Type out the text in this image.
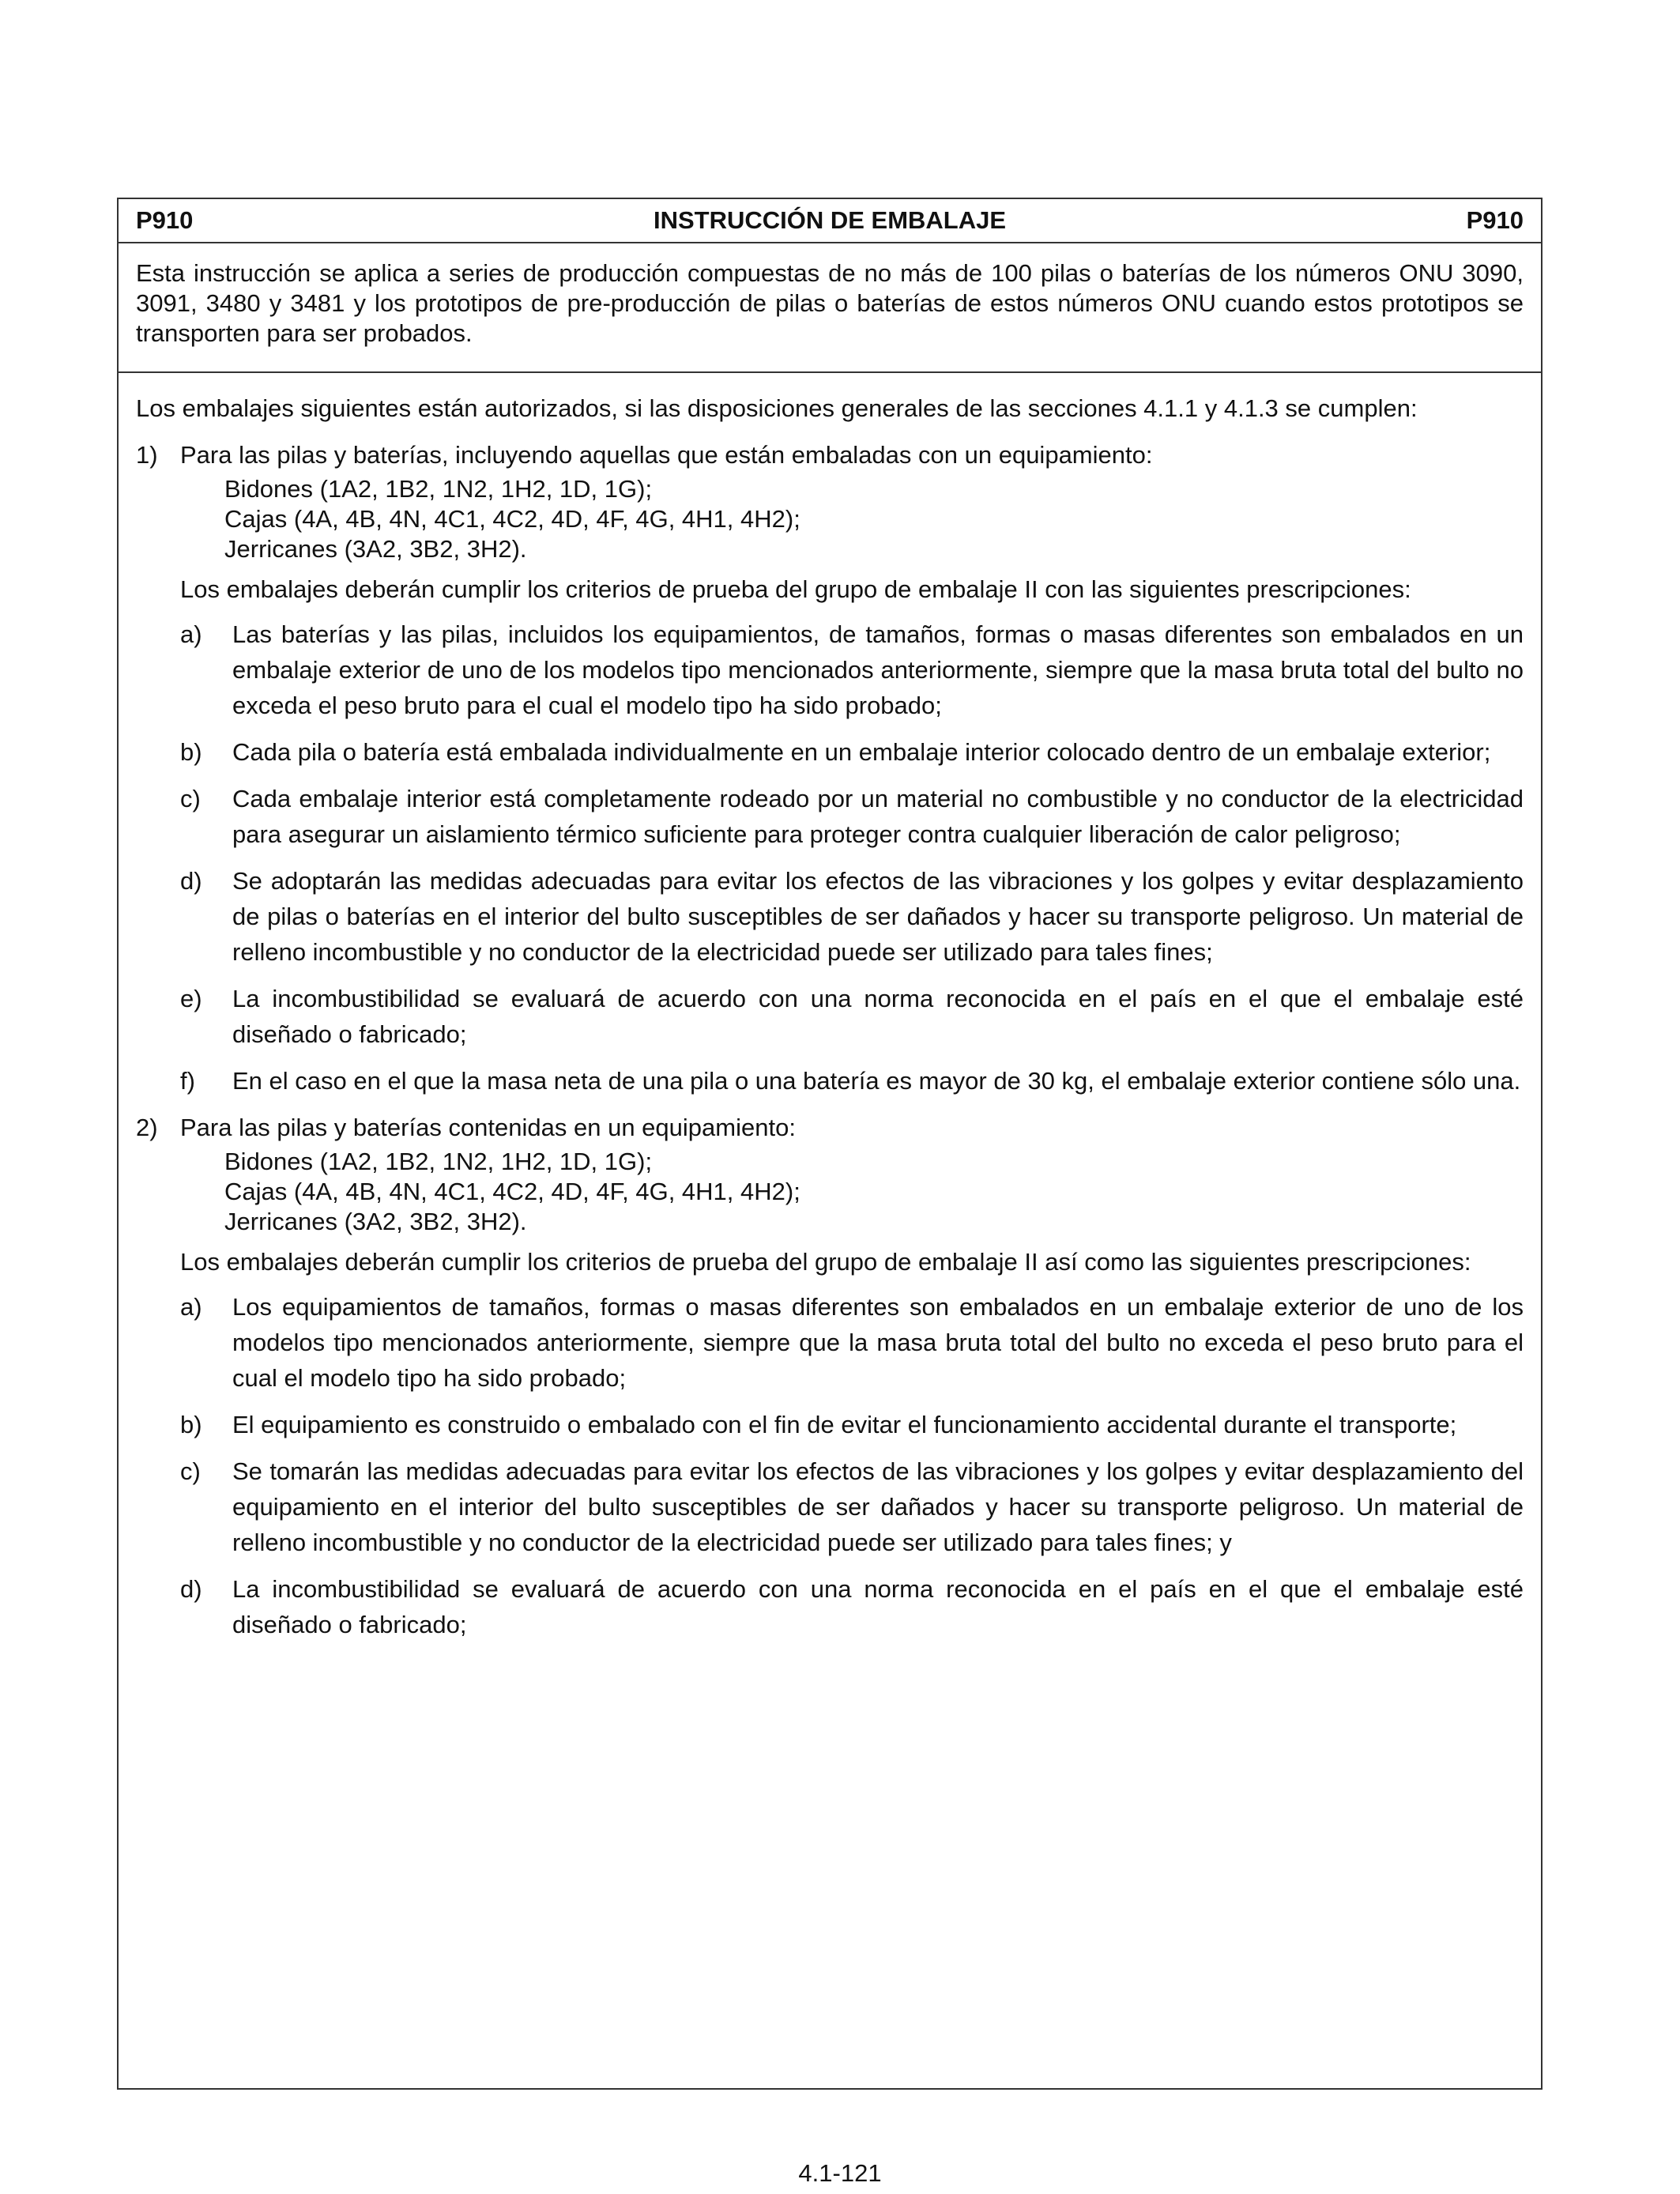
P910	INSTRUCCIÓN DE EMBALAJE	P910
Esta instrucción se aplica a series de producción compuestas de no más de 100 pilas o baterías de los números ONU 3090, 3091, 3480 y 3481 y los prototipos de pre-producción de pilas o baterías de estos números ONU cuando estos prototipos se transporten para ser probados.

Los embalajes siguientes están autorizados, si las disposiciones generales de las secciones 4.1.1 y 4.1.3 se cumplen:

1) Para las pilas y baterías, incluyendo aquellas que están embaladas con un equipamiento:

Bidones (1A2, 1B2, 1N2, 1H2, 1D, 1G);
Cajas (4A, 4B, 4N, 4C1, 4C2, 4D, 4F, 4G, 4H1, 4H2);
Jerricanes (3A2, 3B2, 3H2).

Los embalajes deberán cumplir los criterios de prueba del grupo de embalaje II con las siguientes prescripciones:

a) Las baterías y las pilas, incluidos los equipamientos, de tamaños, formas o masas diferentes son embalados en un embalaje exterior de uno de los modelos tipo mencionados anteriormente, siempre que la masa bruta total del bulto no exceda el peso bruto para el cual el modelo tipo ha sido probado;

b) Cada pila o batería está embalada individualmente en un embalaje interior colocado dentro de un embalaje exterior;

c) Cada embalaje interior está completamente rodeado por un material no combustible y no conductor de la electricidad para asegurar un aislamiento térmico suficiente para proteger contra cualquier liberación de calor peligroso;

d) Se adoptarán las medidas adecuadas para evitar los efectos de las vibraciones y los golpes y evitar desplazamiento de pilas o baterías en el interior del bulto susceptibles de ser dañados y hacer su transporte peligroso. Un material de relleno incombustible y no conductor de la electricidad puede ser utilizado para tales fines;

e) La incombustibilidad se evaluará de acuerdo con una norma reconocida en el país en el que el embalaje esté diseñado o fabricado;

f) En el caso en el que la masa neta de una pila o una batería es mayor de 30 kg, el embalaje exterior contiene sólo una.

2) Para las pilas y baterías contenidas en un equipamiento:

Bidones (1A2, 1B2, 1N2, 1H2, 1D, 1G);
Cajas (4A, 4B, 4N, 4C1, 4C2, 4D, 4F, 4G, 4H1, 4H2);
Jerricanes (3A2, 3B2, 3H2).

Los embalajes deberán cumplir los criterios de prueba del grupo de embalaje II así como las siguientes prescripciones:

a) Los equipamientos de tamaños, formas o masas diferentes son embalados en un embalaje exterior de uno de los modelos tipo mencionados anteriormente, siempre que la masa bruta total del bulto no exceda el peso bruto para el cual el modelo tipo ha sido probado;

b) El equipamiento es construido o embalado con el fin de evitar el funcionamiento accidental durante el transporte;

c) Se tomarán las medidas adecuadas para evitar los efectos de las vibraciones y los golpes y evitar desplazamiento del equipamiento en el interior del bulto susceptibles de ser dañados y hacer su transporte peligroso. Un material de relleno incombustible y no conductor de la electricidad puede ser utilizado para tales fines; y

d) La incombustibilidad se evaluará de acuerdo con una norma reconocida en el país en el que el embalaje esté diseñado o fabricado;

4.1-121
